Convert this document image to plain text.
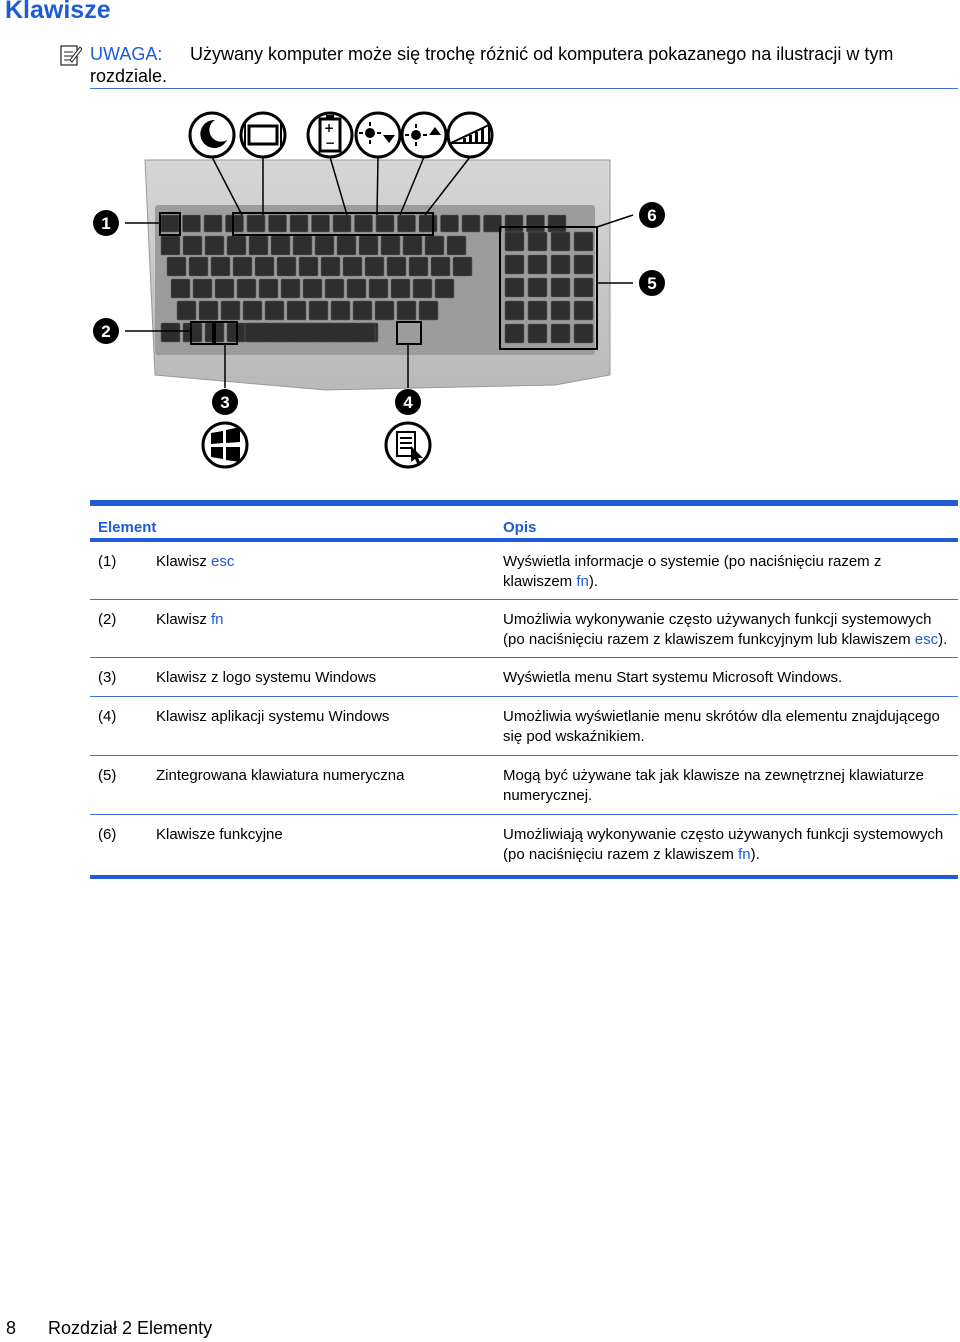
Klawisze
UWAGA: Używany komputer może się trochę różnić od komputera pokazanego na ilustracji w tym rozdziale.
+
−
1
2
3	4
5
6
Element	Opis
(1)	Klawisz esc	Wyświetla informacje o systemie (po naciśnięciu razem z klawiszem fn).
(2)	Klawisz fn	Umożliwia wykonywanie często używanych funkcji systemowych (po naciśnięciu razem z klawiszem funkcyjnym lub klawiszem esc).
(3)	Klawisz z logo systemu Windows	Wyświetla menu Start systemu Microsoft Windows.
(4)	Klawisz aplikacji systemu Windows	Umożliwia wyświetlanie menu skrótów dla elementu znajdującego się pod wskaźnikiem.
(5)	Zintegrowana klawiatura numeryczna	Mogą być używane tak jak klawisze na zewnętrznej klawiaturze numerycznej.
(6)	Klawisze funkcyjne	Umożliwiają wykonywanie często używanych funkcji systemowych (po naciśnięciu razem z klawiszem fn).
8 Rozdział 2 Elementy
